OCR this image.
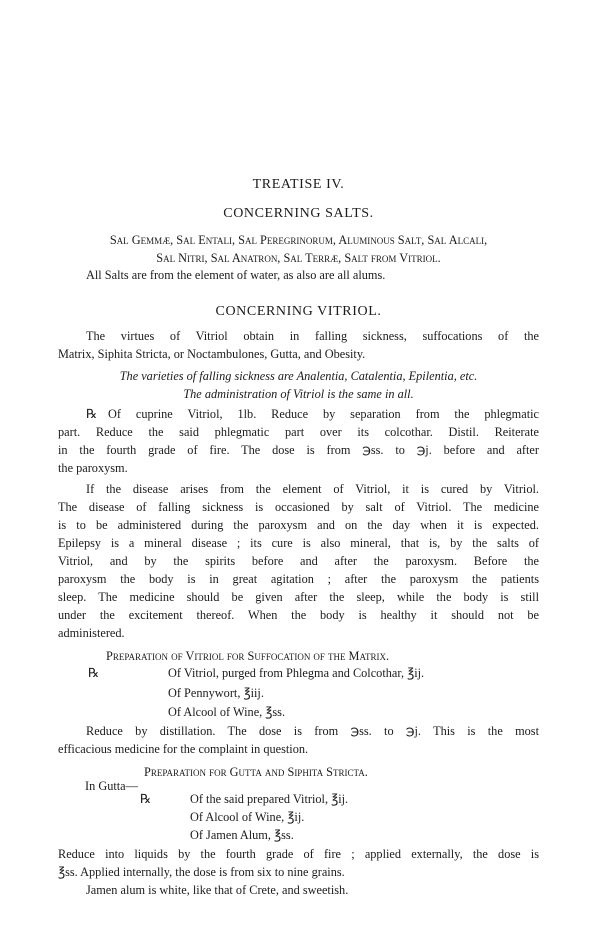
TREATISE IV.
CONCERNING SALTS.
Sal Gemmæ, Sal Entali, Sal Peregrinorum, Aluminous Salt, Sal Alcali,
Sal Nitri, Sal Anatron, Sal Terræ, Salt from Vitriol.
All Salts are from the element of water, as also are all alums.
CONCERNING VITRIOL.
The virtues of Vitriol obtain in falling sickness, suffocations of the
Matrix, Siphita Stricta, or Noctambulones, Gutta, and Obesity.
The varieties of falling sickness are Analentia, Catalentia, Epilentia, etc.
The administration of Vitriol is the same in all.
℞ Of cuprine Vitriol, 1lb. Reduce by separation from the phlegmatic
part. Reduce the said phlegmatic part over its colcothar. Distil. Reiterate
in the fourth grade of fire. The dose is from ℈ss. to ℈j. before and after
the paroxysm.
If the disease arises from the element of Vitriol, it is cured by Vitriol.
The disease of falling sickness is occasioned by salt of Vitriol. The medicine
is to be administered during the paroxysm and on the day when it is expected.
Epilepsy is a mineral disease ; its cure is also mineral, that is, by the salts of
Vitriol, and by the spirits before and after the paroxysm. Before the
paroxysm the body is in great agitation ; after the paroxysm the patients
sleep. The medicine should be given after the sleep, while the body is still
under the excitement thereof. When the body is healthy it should not be
administered.
Preparation of Vitriol for Suffocation of the Matrix.
℞	Of Vitriol, purged from Phlegma and Colcothar, ℥ij.
Of Pennywort, ℥iij.
Of Alcool of Wine, ℥ss.
Reduce by distillation. The dose is from ℈ss. to ℈j. This is the most
efficacious medicine for the complaint in question.
Preparation for Gutta and Siphita Stricta.
In Gutta—
℞	Of the said prepared Vitriol, ℥ij.
Of Alcool of Wine, ℥ij.
Of Jamen Alum, ℥ss.
Reduce into liquids by the fourth grade of fire ; applied externally, the dose is
℥ss. Applied internally, the dose is from six to nine grains.
Jamen alum is white, like that of Crete, and sweetish.
